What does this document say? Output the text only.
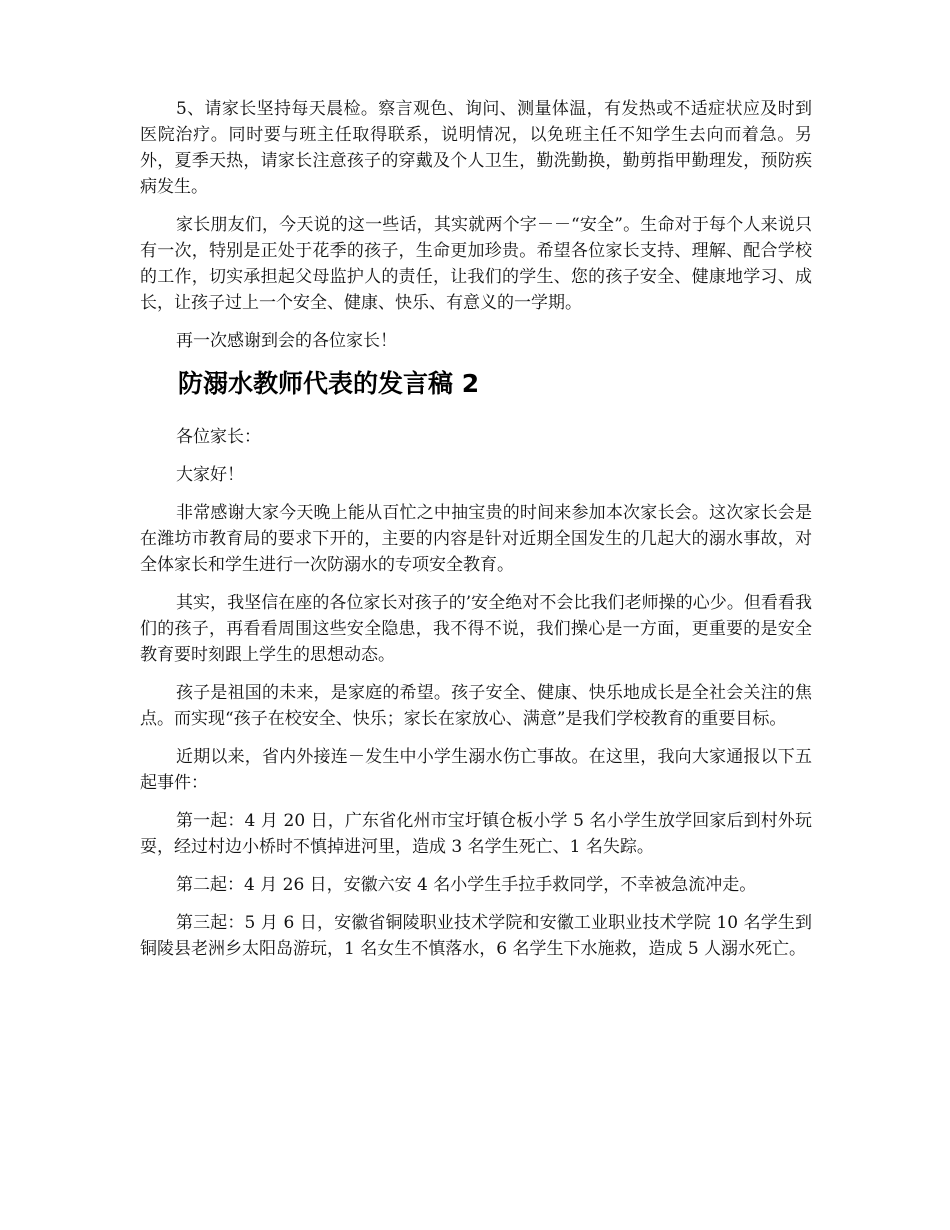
5、请家长坚持每天晨检。察言观色、询问、测量体温，有发热或不适症状应及时到医院治疗。同时要与班主任取得联系，说明情况，以免班主任不知学生去向而着急。另外，夏季天热，请家长注意孩子的穿戴及个人卫生，勤洗勤换，勤剪指甲勤理发，预防疾病发生。

家长朋友们，今天说的这一些话，其实就两个字－－“安全”。生命对于每个人来说只有一次，特别是正处于花季的孩子，生命更加珍贵。希望各位家长支持、理解、配合学校的工作，切实承担起父母监护人的责任，让我们的学生、您的孩子安全、健康地学习、成长，让孩子过上一个安全、健康、快乐、有意义的一学期。

再一次感谢到会的各位家长！

防溺水教师代表的发言稿 2

各位家长：

大家好！

非常感谢大家今天晚上能从百忙之中抽宝贵的时间来参加本次家长会。这次家长会是在潍坊市教育局的要求下开的，主要的内容是针对近期全国发生的几起大的溺水事故，对全体家长和学生进行一次防溺水的专项安全教育。

其实，我坚信在座的各位家长对孩子的’安全绝对不会比我们老师操的心少。但看看我们的孩子，再看看周围这些安全隐患，我不得不说，我们操心是一方面，更重要的是安全教育要时刻跟上学生的思想动态。

孩子是祖国的未来，是家庭的希望。孩子安全、健康、快乐地成长是全社会关注的焦点。而实现“孩子在校安全、快乐；家长在家放心、满意”是我们学校教育的重要目标。

近期以来，省内外接连－发生中小学生溺水伤亡事故。在这里，我向大家通报以下五起事件：

第一起：4 月 20 日，广东省化州市宝圩镇仓板小学 5 名小学生放学回家后到村外玩耍，经过村边小桥时不慎掉进河里，造成 3 名学生死亡、1 名失踪。

第二起：4 月 26 日，安徽六安 4 名小学生手拉手救同学，不幸被急流冲走。

第三起：5 月 6 日，安徽省铜陵职业技术学院和安徽工业职业技术学院 10 名学生到铜陵县老洲乡太阳岛游玩，1 名女生不慎落水，6 名学生下水施救，造成 5 人溺水死亡。
